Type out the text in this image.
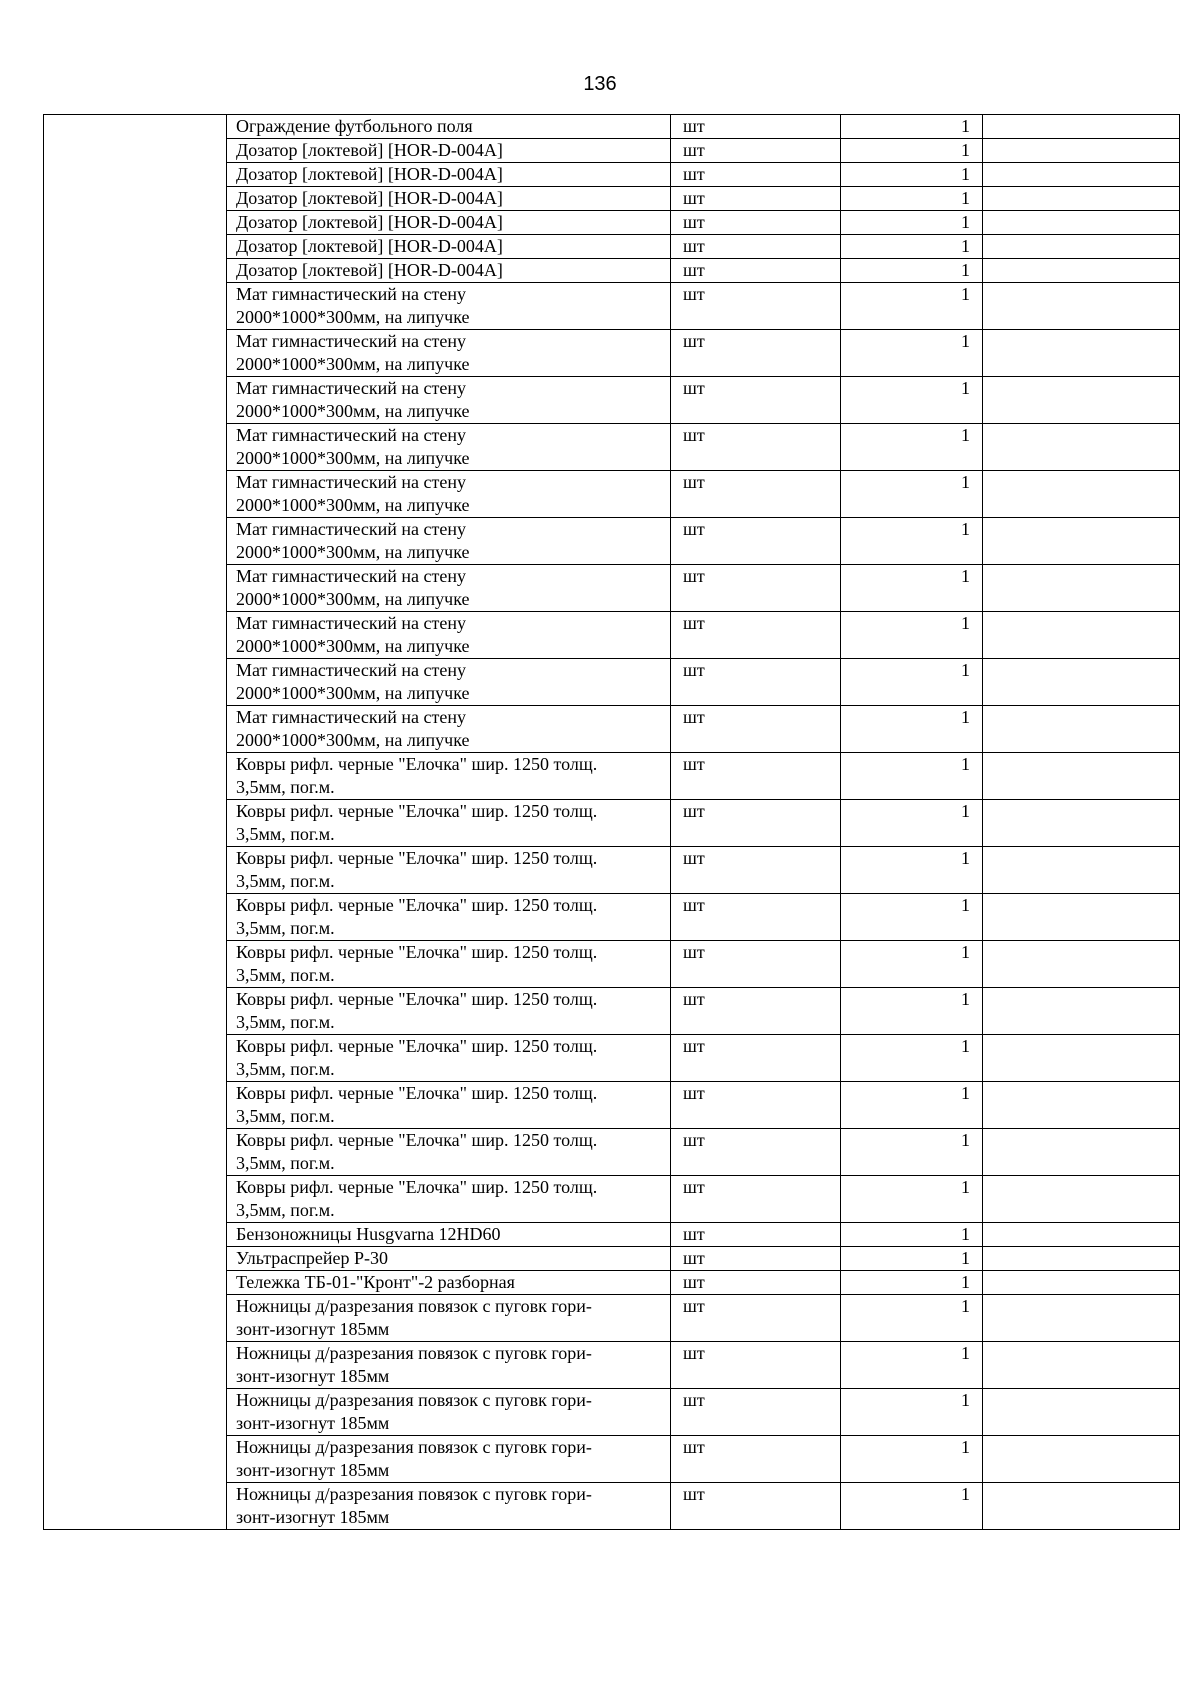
136

	Ограждение футбольного поля	шт	1	

	Дозатор [локтевой] [HOR-D-004A]	шт	1	

	Дозатор [локтевой] [HOR-D-004A]	шт	1	

	Дозатор [локтевой] [HOR-D-004A]	шт	1	

	Дозатор [локтевой] [HOR-D-004A]	шт	1	

	Дозатор [локтевой] [HOR-D-004A]	шт	1	

	Дозатор [локтевой] [HOR-D-004A]	шт	1	

	Мат гимнастический на стену
2000*1000*300мм, на липучке	шт	1	

	Мат гимнастический на стену
2000*1000*300мм, на липучке	шт	1	

	Мат гимнастический на стену
2000*1000*300мм, на липучке	шт	1	

	Мат гимнастический на стену
2000*1000*300мм, на липучке	шт	1	

	Мат гимнастический на стену
2000*1000*300мм, на липучке	шт	1	

	Мат гимнастический на стену
2000*1000*300мм, на липучке	шт	1	

	Мат гимнастический на стену
2000*1000*300мм, на липучке	шт	1	

	Мат гимнастический на стену
2000*1000*300мм, на липучке	шт	1	

	Мат гимнастический на стену
2000*1000*300мм, на липучке	шт	1	

	Мат гимнастический на стену
2000*1000*300мм, на липучке	шт	1	

	Ковры рифл. черные "Елочка" шир. 1250 толщ.
3,5мм, пог.м.	шт	1	

	Ковры рифл. черные "Елочка" шир. 1250 толщ.
3,5мм, пог.м.	шт	1	

	Ковры рифл. черные "Елочка" шир. 1250 толщ.
3,5мм, пог.м.	шт	1	

	Ковры рифл. черные "Елочка" шир. 1250 толщ.
3,5мм, пог.м.	шт	1	

	Ковры рифл. черные "Елочка" шир. 1250 толщ.
3,5мм, пог.м.	шт	1	

	Ковры рифл. черные "Елочка" шир. 1250 толщ.
3,5мм, пог.м.	шт	1	

	Ковры рифл. черные "Елочка" шир. 1250 толщ.
3,5мм, пог.м.	шт	1	

	Ковры рифл. черные "Елочка" шир. 1250 толщ.
3,5мм, пог.м.	шт	1	

	Ковры рифл. черные "Елочка" шир. 1250 толщ.
3,5мм, пог.м.	шт	1	

	Ковры рифл. черные "Елочка" шир. 1250 толщ.
3,5мм, пог.м.	шт	1	

	Бензоножницы Husgvarna 12HD60	шт	1	

	Ультраспрейер Р-30	шт	1	

	Тележка ТБ-01-"Кронт"-2 разборная	шт	1	

	Ножницы д/разрезания повязок с пуговк гори-
зонт-изогнут 185мм	шт	1	

	Ножницы д/разрезания повязок с пуговк гори-
зонт-изогнут 185мм	шт	1	

	Ножницы д/разрезания повязок с пуговк гори-
зонт-изогнут 185мм	шт	1	

	Ножницы д/разрезания повязок с пуговк гори-
зонт-изогнут 185мм	шт	1	

	Ножницы д/разрезания повязок с пуговк гори-
зонт-изогнут 185мм	шт	1	
